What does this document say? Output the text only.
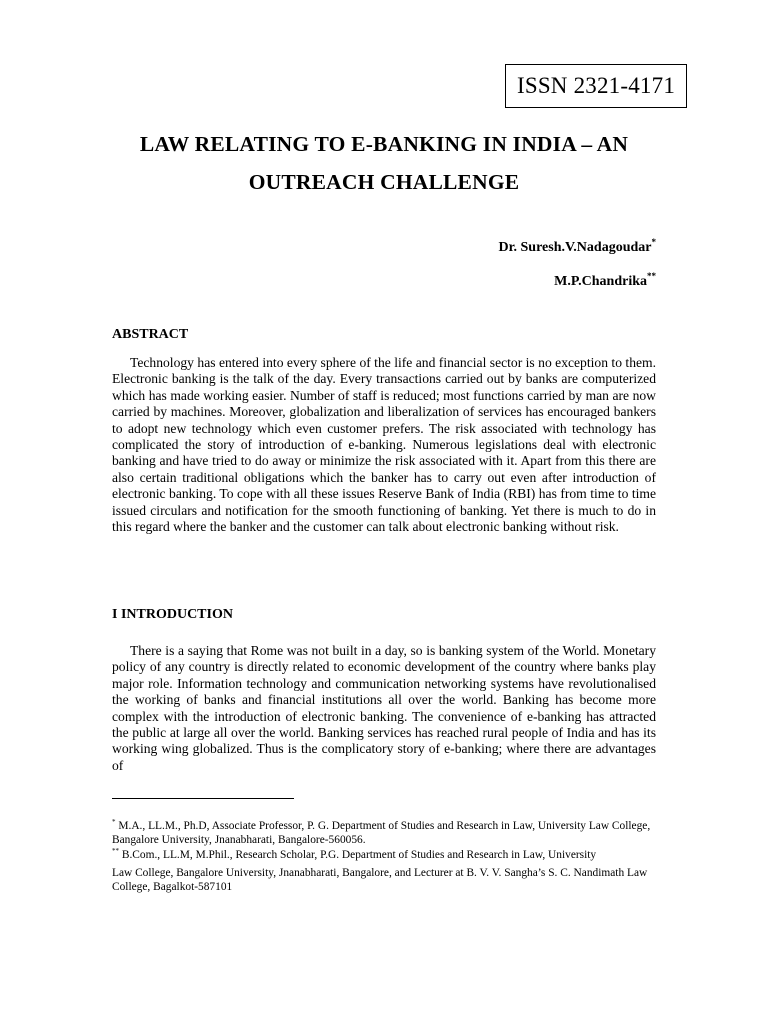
ISSN 2321-4171
LAW RELATING TO E-BANKING IN INDIA – AN
OUTREACH CHALLENGE
Dr. Suresh.V.Nadagoudar*
M.P.Chandrika**
ABSTRACT

Technology has entered into every sphere of the life and financial sector is no exception to them. Electronic banking is the talk of the day. Every transactions carried out by banks are computerized which has made working easier. Number of staff is reduced; most functions carried by man are now carried by machines. Moreover, globalization and liberalization of services has encouraged bankers to adopt new technology which even customer prefers. The risk associated with technology has complicated the story of introduction of e-banking. Numerous legislations deal with electronic banking and have tried to do away or minimize the risk associated with it. Apart from this there are also certain traditional obligations which the banker has to carry out even after introduction of electronic banking. To cope with all these issues Reserve Bank of India (RBI) has from time to time issued circulars and notification for the smooth functioning of banking. Yet there is much to do in this regard where the banker and the customer can talk about electronic banking without risk.

I INTRODUCTION

There is a saying that Rome was not built in a day, so is banking system of the World. Monetary policy of any country is directly related to economic development of the country where banks play major role. Information technology and communication networking systems have revolutionalised the working of banks and financial institutions all over the world. Banking has become more complex with the introduction of electronic banking. The convenience of e-banking has attracted the public at large all over the world. Banking services has reached rural people of India and has its working wing globalized. Thus is the complicatory story of e-banking; where there are advantages of

* M.A., LL.M., Ph.D, Associate Professor, P. G. Department of Studies and Research in Law, University Law College, Bangalore University, Jnanabharati, Bangalore-560056.

** B.Com., LL.M, M.Phil., Research Scholar, P.G. Department of Studies and Research in Law, University

Law College, Bangalore University, Jnanabharati, Bangalore, and Lecturer at B. V. V. Sangha’s S. C. Nandimath Law College, Bagalkot-587101
